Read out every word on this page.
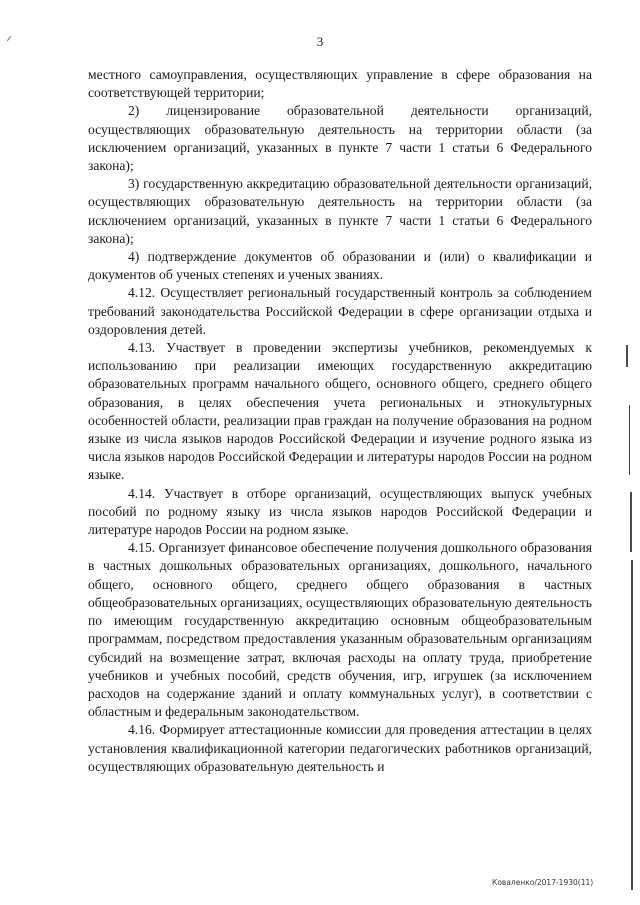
3

местного самоуправления, осуществляющих управление в сфере образования на соответствующей территории;

2) лицензирование образовательной деятельности организаций, осуществляющих образовательную деятельность на территории области (за исключением организаций, указанных в пункте 7 части 1 статьи 6 Федерального закона);

3) государственную аккредитацию образовательной деятельности организаций, осуществляющих образовательную деятельность на территории области (за исключением организаций, указанных в пункте 7 части 1 статьи 6 Федерального закона);

4) подтверждение документов об образовании и (или) о квалификации и документов об ученых степенях и ученых званиях.

4.12. Осуществляет региональный государственный контроль за соблюдением требований законодательства Российской Федерации в сфере организации отдыха и оздоровления детей.

4.13. Участвует в проведении экспертизы учебников, рекомендуемых к использованию при реализации имеющих государственную аккредитацию образовательных программ начального общего, основного общего, среднего общего образования, в целях обеспечения учета региональных и этнокультурных особенностей области, реализации прав граждан на получение образования на родном языке из числа языков народов Российской Федерации и изучение родного языка из числа языков народов Российской Федерации и литературы народов России на родном языке.

4.14. Участвует в отборе организаций, осуществляющих выпуск учебных пособий по родному языку из числа языков народов Российской Федерации и литературе народов России на родном языке.

4.15. Организует финансовое обеспечение получения дошкольного образования в частных дошкольных образовательных организациях, дошкольного, начального общего, основного общего, среднего общего образования в частных общеобразовательных организациях, осуществляющих образовательную деятельность по имеющим государственную аккредитацию основным общеобразовательным программам, посредством предоставления указанным образовательным организациям субсидий на возмещение затрат, включая расходы на оплату труда, приобретение учебников и учебных пособий, средств обучения, игр, игрушек (за исключением расходов на содержание зданий и оплату коммунальных услуг), в соответствии с областным и федеральным законодательством.

4.16. Формирует аттестационные комиссии для проведения аттестации в целях установления квалификационной категории педагогических работников организаций, осуществляющих образовательную деятельность и

Коваленко/2017-1930(11)
